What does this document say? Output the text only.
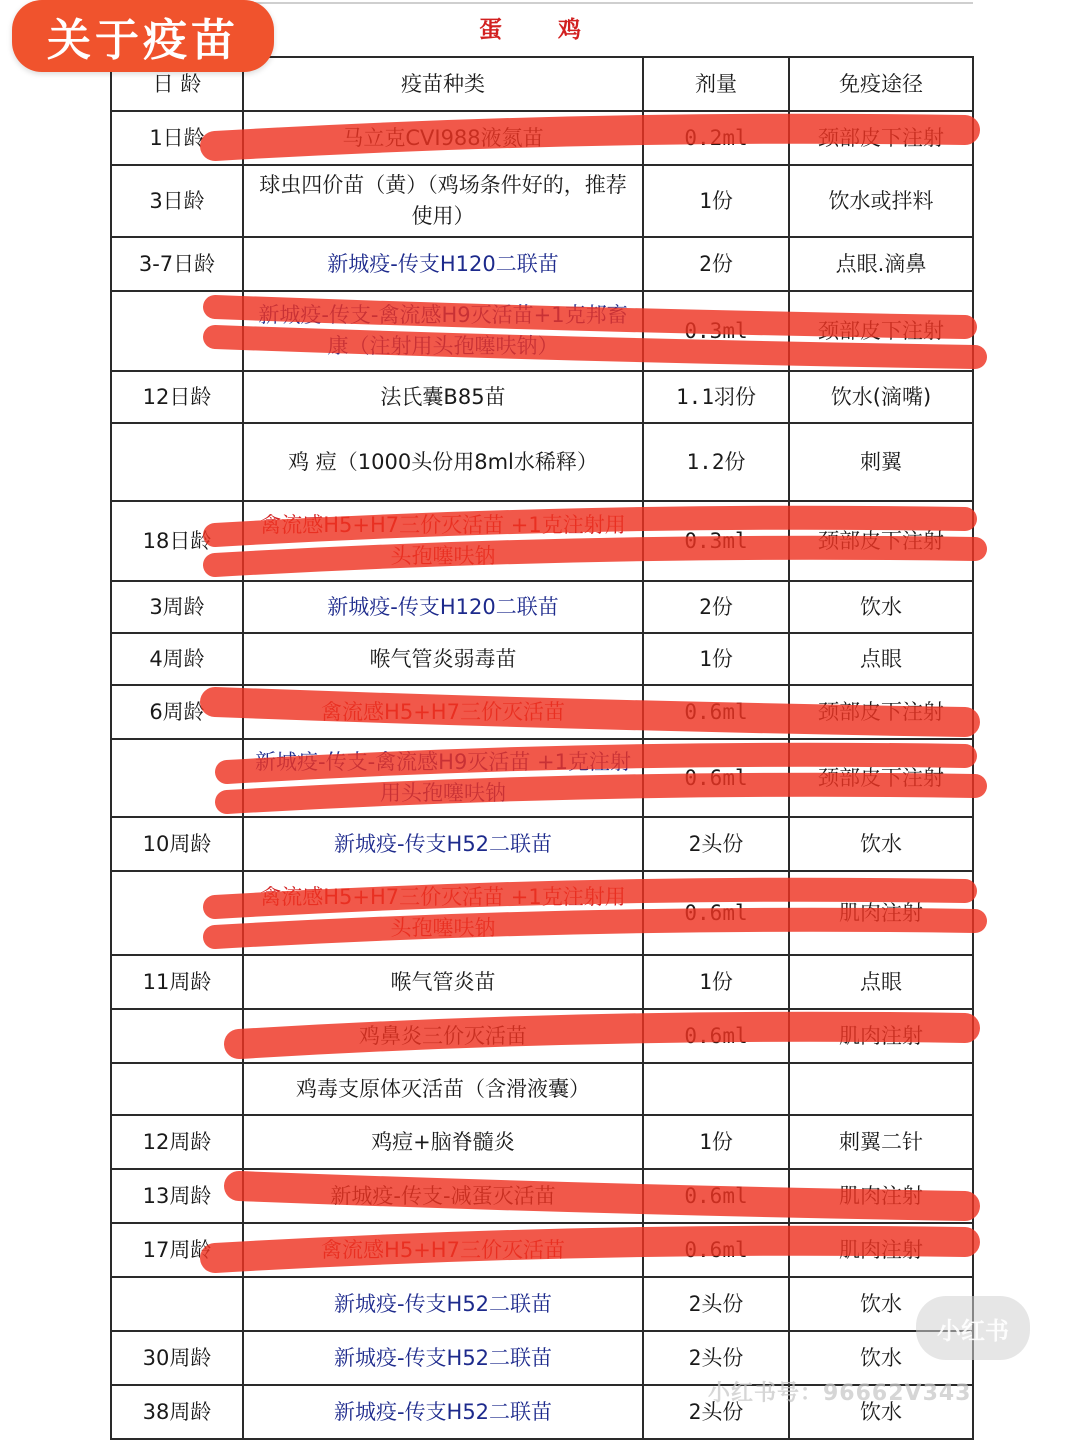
蛋 鸡			
日 龄	疫苗种类	剂量	免疫途径
1日龄	马立克CVI988液氮苗	0.2ml	颈部皮下注射
3日龄	球虫四价苗（黄）（鸡场条件好的，推荐使用）	1份	饮水或拌料
3-7日龄	新城疫-传支H120二联苗	2份	点眼.滴鼻
	新城疫-传支-禽流感H9灭活苗+1克邦畜康（注射用头孢噻呋钠）	0.3ml	颈部皮下注射
12日龄	法氏囊B85苗	1.1羽份	饮水(滴嘴)
	鸡 痘（1000头份用8ml水稀释）	1.2份	刺翼
18日龄	禽流感H5+H7三价灭活苗 +1克注射用头孢噻呋钠	0.3ml	颈部皮下注射
3周龄	新城疫-传支H120二联苗	2份	饮水
4周龄	喉气管炎弱毒苗	1份	点眼
6周龄	禽流感H5+H7三价灭活苗	0.6ml	颈部皮下注射
	新城疫-传支-禽流感H9灭活苗 +1克注射用头孢噻呋钠	0.6ml	颈部皮下注射
10周龄	新城疫-传支H52二联苗	2头份	饮水
	禽流感H5+H7三价灭活苗 +1克注射用头孢噻呋钠	0.6ml	肌肉注射
11周龄	喉气管炎苗	1份	点眼
	鸡鼻炎三价灭活苗	0.6ml	肌肉注射
	鸡毒支原体灭活苗（含滑液囊）		
12周龄	鸡痘+脑脊髓炎	1份	刺翼二针
13周龄	新城疫-传支-减蛋灭活苗	0.6ml	肌肉注射
17周龄	禽流感H5+H7三价灭活苗	0.6ml	肌肉注射
	新城疫-传支H52二联苗	2头份	饮水
30周龄	新城疫-传支H52二联苗	2头份	饮水
38周龄	新城疫-传支H52二联苗	2头份	饮水
关于疫苗
小红书
小红书号：96662V343
